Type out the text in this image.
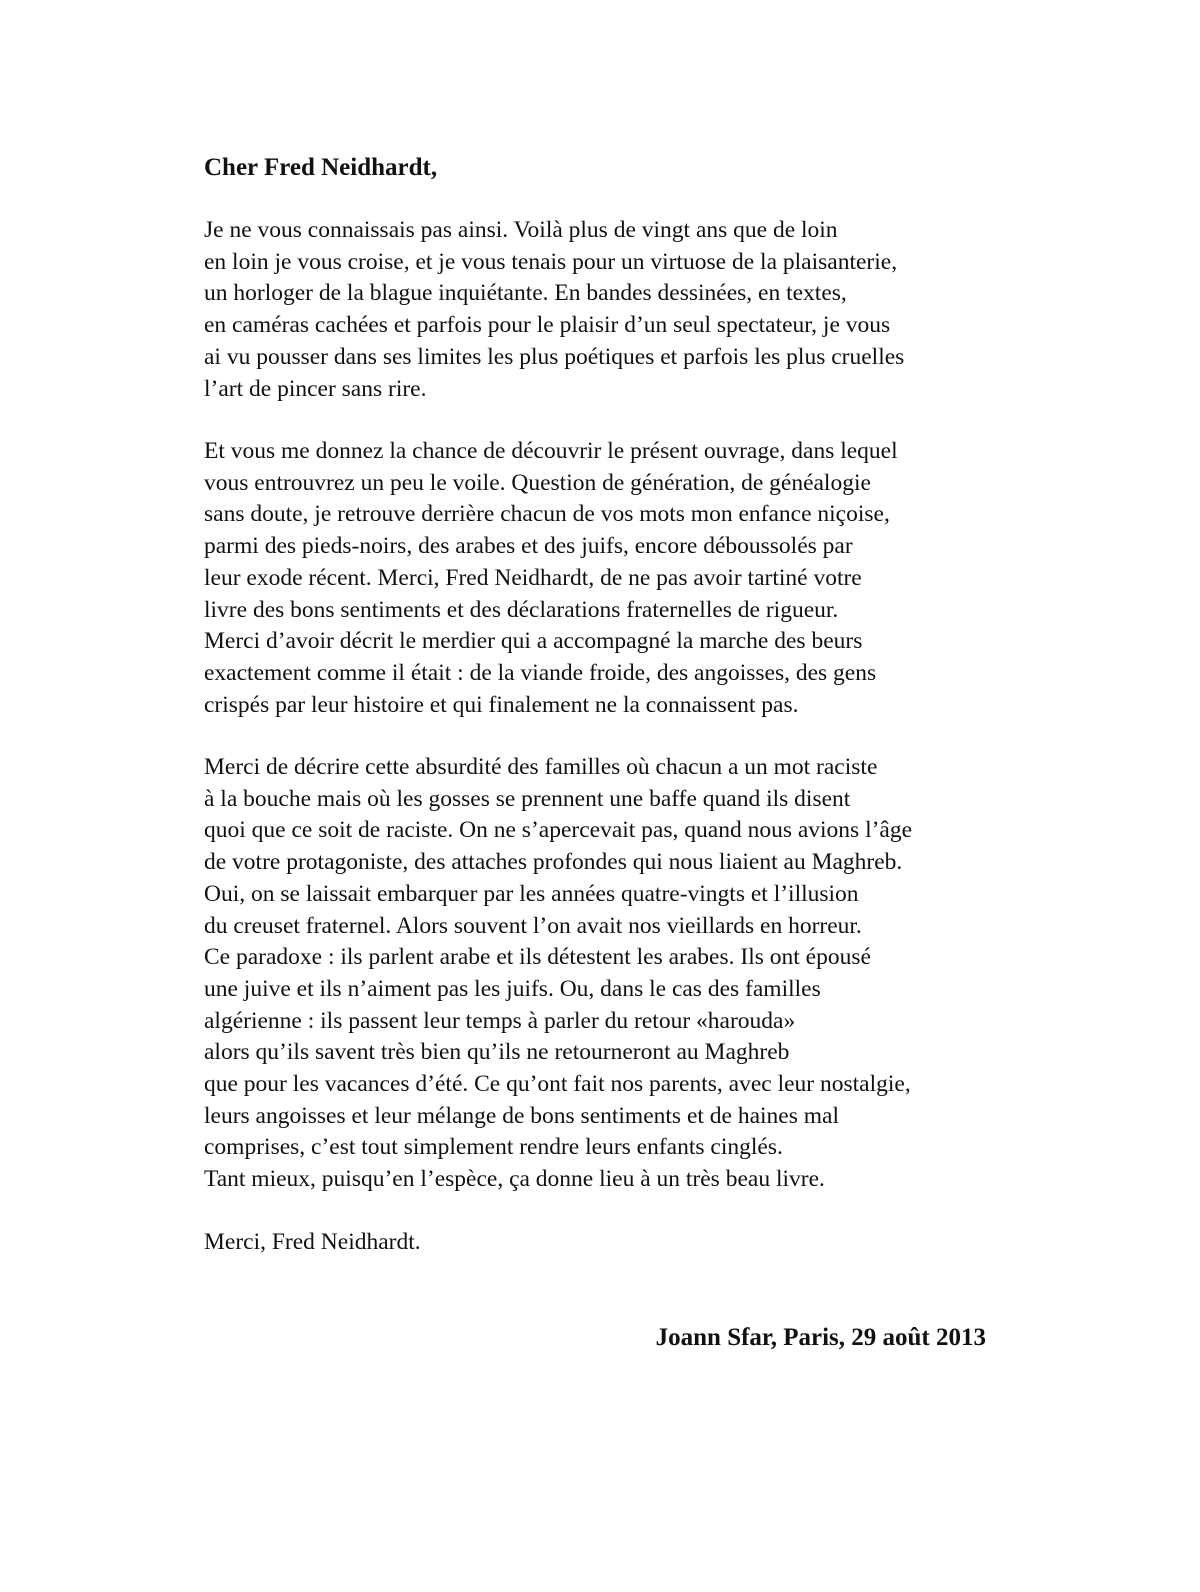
Cher Fred Neidhardt,

Je ne vous connaissais pas ainsi. Voilà plus de vingt ans que de loin
en loin je vous croise, et je vous tenais pour un virtuose de la plaisanterie,
un horloger de la blague inquiétante. En bandes dessinées, en textes,
en caméras cachées et parfois pour le plaisir d’un seul spectateur, je vous
ai vu pousser dans ses limites les plus poétiques et parfois les plus cruelles
l’art de pincer sans rire.

Et vous me donnez la chance de découvrir le présent ouvrage, dans lequel
vous entrouvrez un peu le voile. Question de génération, de généalogie
sans doute, je retrouve derrière chacun de vos mots mon enfance niçoise,
parmi des pieds-noirs, des arabes et des juifs, encore déboussolés par
leur exode récent. Merci, Fred Neidhardt, de ne pas avoir tartiné votre
livre des bons sentiments et des déclarations fraternelles de rigueur.
Merci d’avoir décrit le merdier qui a accompagné la marche des beurs
exactement comme il était : de la viande froide, des angoisses, des gens
crispés par leur histoire et qui finalement ne la connaissent pas.

Merci de décrire cette absurdité des familles où chacun a un mot raciste
à la bouche mais où les gosses se prennent une baffe quand ils disent
quoi que ce soit de raciste. On ne s’apercevait pas, quand nous avions l’âge
de votre protagoniste, des attaches profondes qui nous liaient au Maghreb.
Oui, on se laissait embarquer par les années quatre-vingts et l’illusion
du creuset fraternel. Alors souvent l’on avait nos vieillards en horreur.
Ce paradoxe : ils parlent arabe et ils détestent les arabes. Ils ont épousé
une juive et ils n’aiment pas les juifs. Ou, dans le cas des familles
algérienne : ils passent leur temps à parler du retour «harouda»
alors qu’ils savent très bien qu’ils ne retourneront au Maghreb
que pour les vacances d’été. Ce qu’ont fait nos parents, avec leur nostalgie,
leurs angoisses et leur mélange de bons sentiments et de haines mal
comprises, c’est tout simplement rendre leurs enfants cinglés.
Tant mieux, puisqu’en l’espèce, ça donne lieu à un très beau livre.

Merci, Fred Neidhardt.
Joann Sfar, Paris, 29 août 2013
